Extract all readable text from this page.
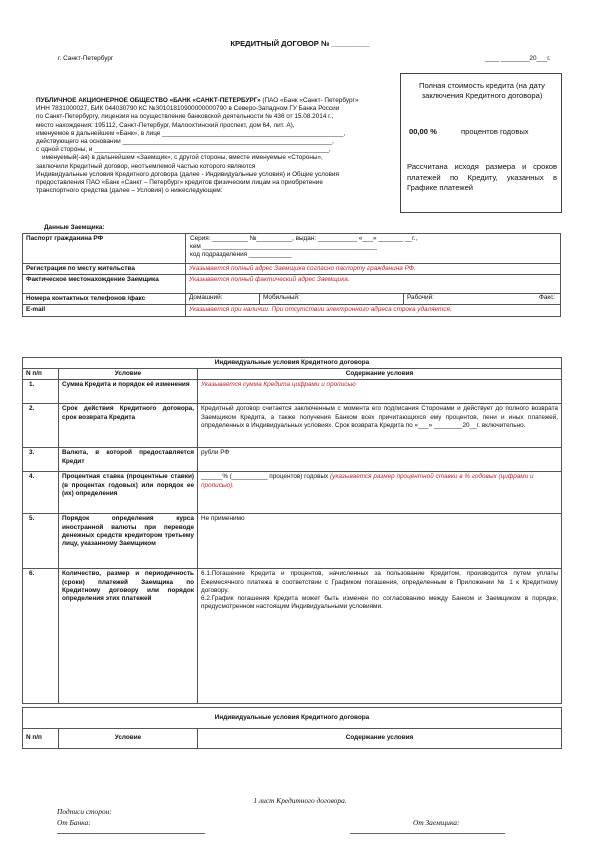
КРЕДИТНЫЙ ДОГОВОР № _________
г. Санкт-Петербург	____ ________20___г.
Полная стоимость кредита (на дату заключения Кредитного договора)
00,00 %	процентов годовых
Рассчитана исходя размера и сроков платежей по Кредиту, указанных в Графике платежей
ПУБЛИЧНОЕ АКЦИОНЕРНОЕ ОБЩЕСТВО «БАНК «САНКТ-ПЕТЕРБУРГ» (ПАО «Банк «Санкт- Петербург»
ИНН 7831000027, БИК 044030790 КС №30101810900000000790 в Северо-Западном ГУ Банка России
по Санкт-Петербургу, лицензия на осуществление банковской деятельности № 436 от 15.08.2014 г.,
место нахождения: 195112, Санкт-Петербург, Малоохтинский проспект, дом 64, лит. А),
именуемое в дальнейшем «Банк», в лице ___________________________________________________,
действующего на основании ___________________________________________________________,
с одной стороны, и __________________________________________________________________,
именуемый(-ая) в дальнейшем «Заемщик», с другой стороны, вместе именуемые «Стороны»,
заключили Кредитный договор, неотъемлемой частью которого являются
Индивидуальные условия Кредитного договора (далее - Индивидуальные условия) и Общие условия
предоставления ПАО «Банк «Санкт – Петербург» кредитов физическим лицам на приобретение
транспортного средства (далее – Условия) о нижеследующем:
Данные Заемщика:
Паспорт гражданина РФ	Серия: __________ №__________, выдан: ___________ «___» _______ __г.,
кем _________________________________________________
код подразделения ____________

Регистрация по месту жительства	Указывается полный адрес Заемщика согласно паспорту гражданина РФ.
Фактическое местонахождение Заемщика	Указывается полный фактический адрес Заемщика.
Номера контактных телефонов /факс	Домашний: Мобильный: Рабочий: Факс:

E-mail	Указывается при наличии. При отсутствии электронного адреса строка удаляется.
Индивидуальные условия Кредитного договора		
N п/п	Условие	Содержание условия
1.	Сумма Кредита и порядок её изменения	Указывается сумма Кредита цифрами и прописью
2.	Срок действия Кредитного договора, срок возврата Кредита	Кредитный договор считается заключенным с момента его подписания Сторонами и действует до полного возврата Заемщиком Кредита, а также получения Банком всех причитающихся ему процентов, пени и иных платежей, определенных в Индивидуальных условиях. Срок возврата Кредита по «___» ________20__г. включительно.
3.	Валюта, в которой предоставляется Кредит	рубли РФ
4.	Процентная ставка (процентные ставки) (в процентах годовых) или порядок ее (их) определения	______% (__________ процентов) годовых (указывается размер процентной ставки в % годовых (цифрами и прописью).
5.	Порядок определения курса иностранной валюты при переводе денежных средств кредитором третьему лицу, указанному Заемщиком	Не применимо
6.	Количество, размер и периодичность (сроки) платежей Заемщика по Кредитному договору или порядок определения этих платежей	6.1.Погашение Кредита и процентов, начисленных за пользование Кредитом, производится путем уплаты Ежемесячного платежа в соответствии с Графиком погашения, определенным в Приложении № 1 к Кредитному договору.
6.2.График погашения Кредита может быть изменен по согласованию между Банком и Заемщиком в порядке, предусмотренном настоящим Индивидуальными условиями.
Индивидуальные условия Кредитного договора
N п/п	Условие	Содержание условия
1 лист Кредитного договора.
Подписи сторон:
От Банка:	От Заемщика:
